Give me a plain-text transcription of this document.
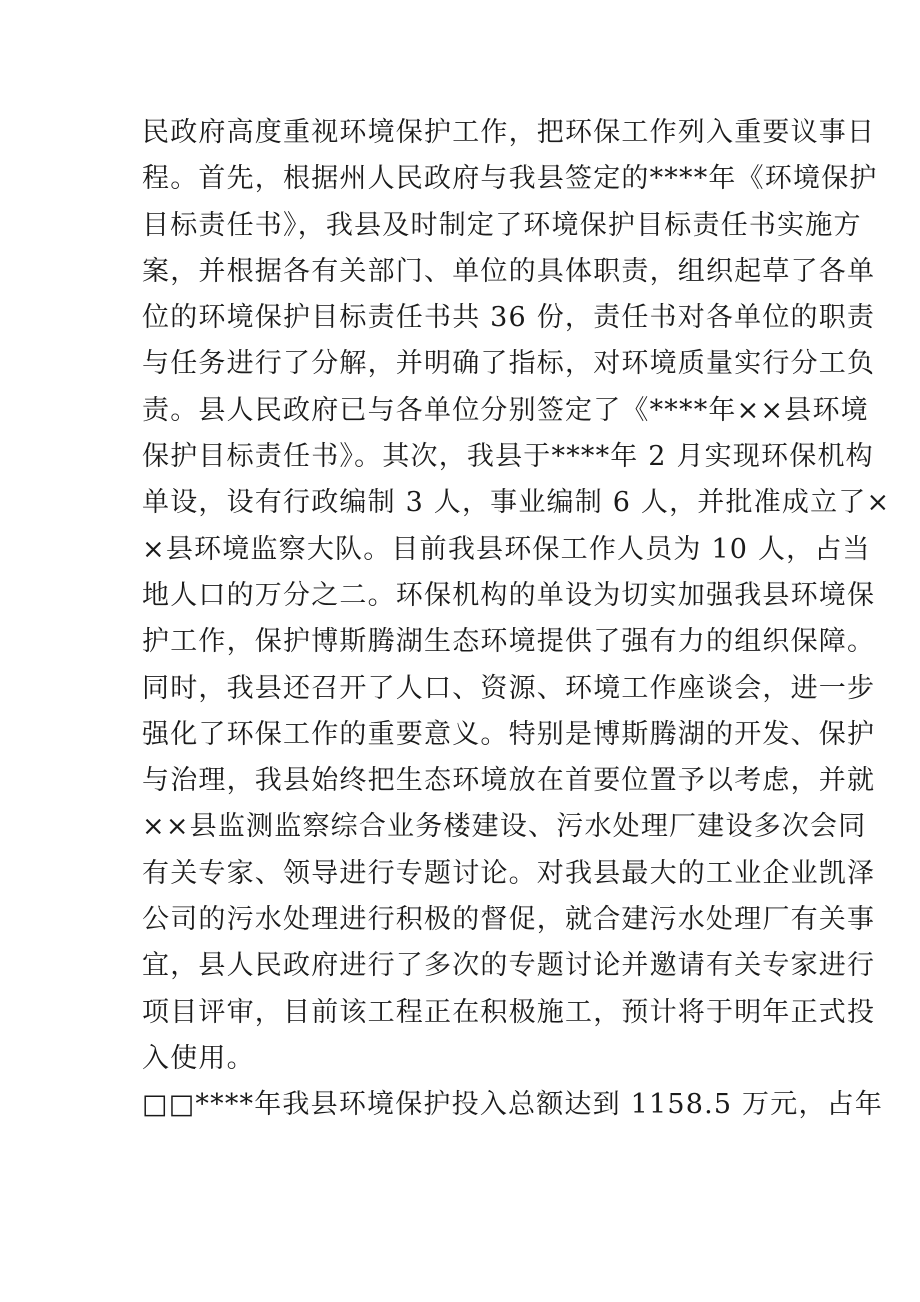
民政府高度重视环境保护工作，把环保工作列入重要议事日
程。首先，根据州人民政府与我县签定的****年《环境保护
目标责任书》，我县及时制定了环境保护目标责任书实施方
案，并根据各有关部门、单位的具体职责，组织起草了各单
位的环境保护目标责任书共 36 份，责任书对各单位的职责
与任务进行了分解，并明确了指标，对环境质量实行分工负
责。县人民政府已与各单位分别签定了《****年××县环境
保护目标责任书》。其次，我县于****年 2 月实现环保机构
单设，设有行政编制 3 人，事业编制 6 人，并批准成立了×
×县环境监察大队。目前我县环保工作人员为 10 人，占当
地人口的万分之二。环保机构的单设为切实加强我县环境保
护工作，保护博斯腾湖生态环境提供了强有力的组织保障。
同时，我县还召开了人口、资源、环境工作座谈会，进一步
强化了环保工作的重要意义。特别是博斯腾湖的开发、保护
与治理，我县始终把生态环境放在首要位置予以考虑，并就
××县监测监察综合业务楼建设、污水处理厂建设多次会同
有关专家、领导进行专题讨论。对我县最大的工业企业凯泽
公司的污水处理进行积极的督促，就合建污水处理厂有关事
宜，县人民政府进行了多次的专题讨论并邀请有关专家进行
项目评审，目前该工程正在积极施工，预计将于明年正式投
入使用。
□□****年我县环境保护投入总额达到 1158.5 万元，占年
